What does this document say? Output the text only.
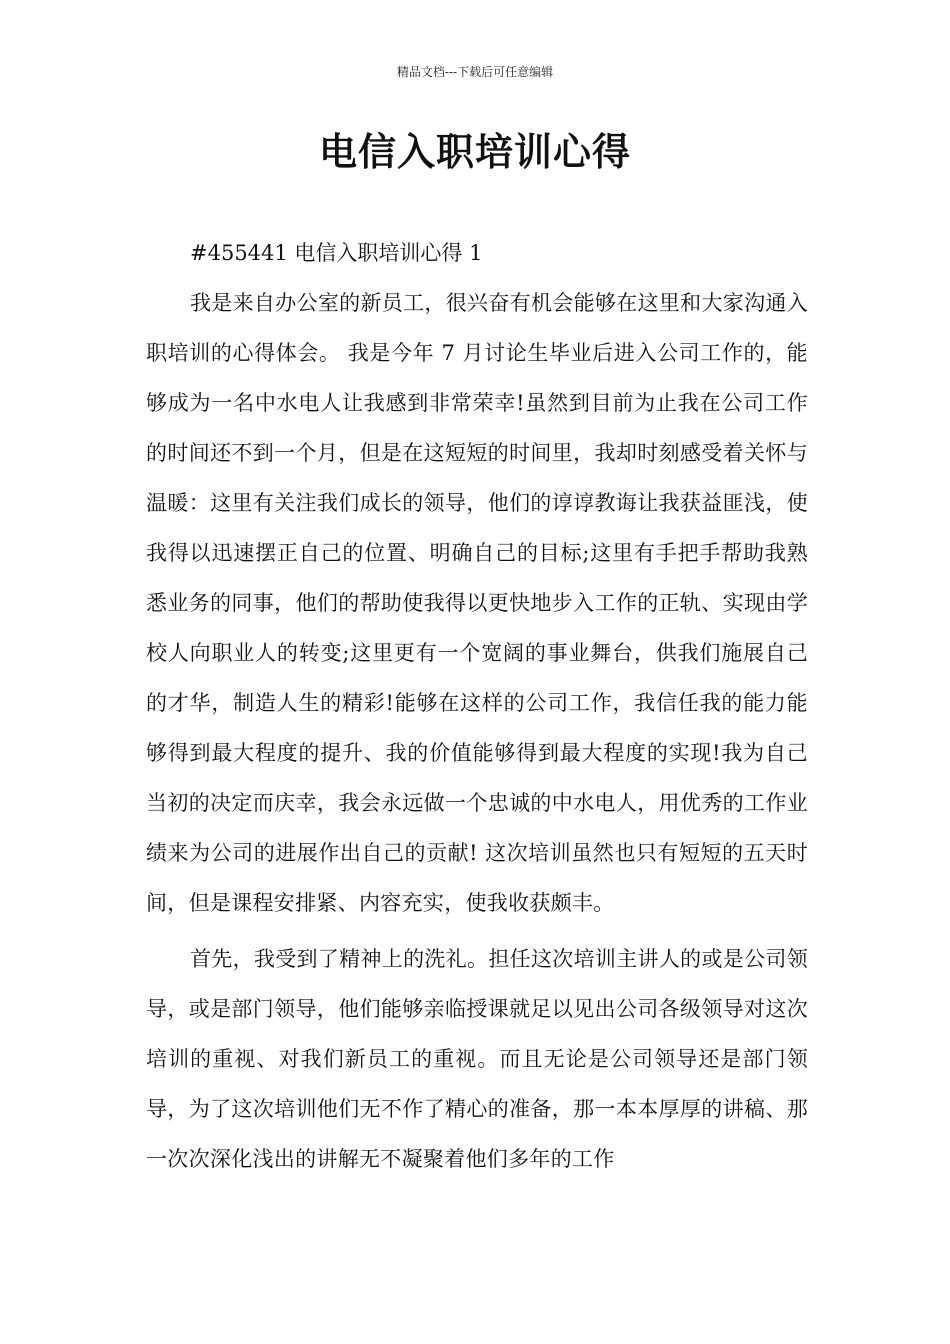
精品文档---下载后可任意编辑
电信入职培训心得

#455441 电信入职培训心得 1

我是来自办公室的新员工，很兴奋有机会能够在这里和大家沟通入职培训的心得体会。 我是今年 7 月讨论生毕业后进入公司工作的，能够成为一名中水电人让我感到非常荣幸!虽然到目前为止我在公司工作的时间还不到一个月，但是在这短短的时间里，我却时刻感受着关怀与温暖：这里有关注我们成长的领导，他们的谆谆教诲让我获益匪浅，使我得以迅速摆正自己的位置、明确自己的目标;这里有手把手帮助我熟悉业务的同事，他们的帮助使我得以更快地步入工作的正轨、实现由学校人向职业人的转变;这里更有一个宽阔的事业舞台，供我们施展自己的才华，制造人生的精彩!能够在这样的公司工作，我信任我的能力能够得到最大程度的提升、我的价值能够得到最大程度的实现!我为自己当初的决定而庆幸，我会永远做一个忠诚的中水电人，用优秀的工作业绩来为公司的进展作出自己的贡献! 这次培训虽然也只有短短的五天时间，但是课程安排紧、内容充实，使我收获颇丰。

首先，我受到了精神上的洗礼。担任这次培训主讲人的或是公司领导，或是部门领导，他们能够亲临授课就足以见出公司各级领导对这次培训的重视、对我们新员工的重视。而且无论是公司领导还是部门领导，为了这次培训他们无不作了精心的准备，那一本本厚厚的讲稿、那一次次深化浅出的讲解无不凝聚着他们多年的工作
